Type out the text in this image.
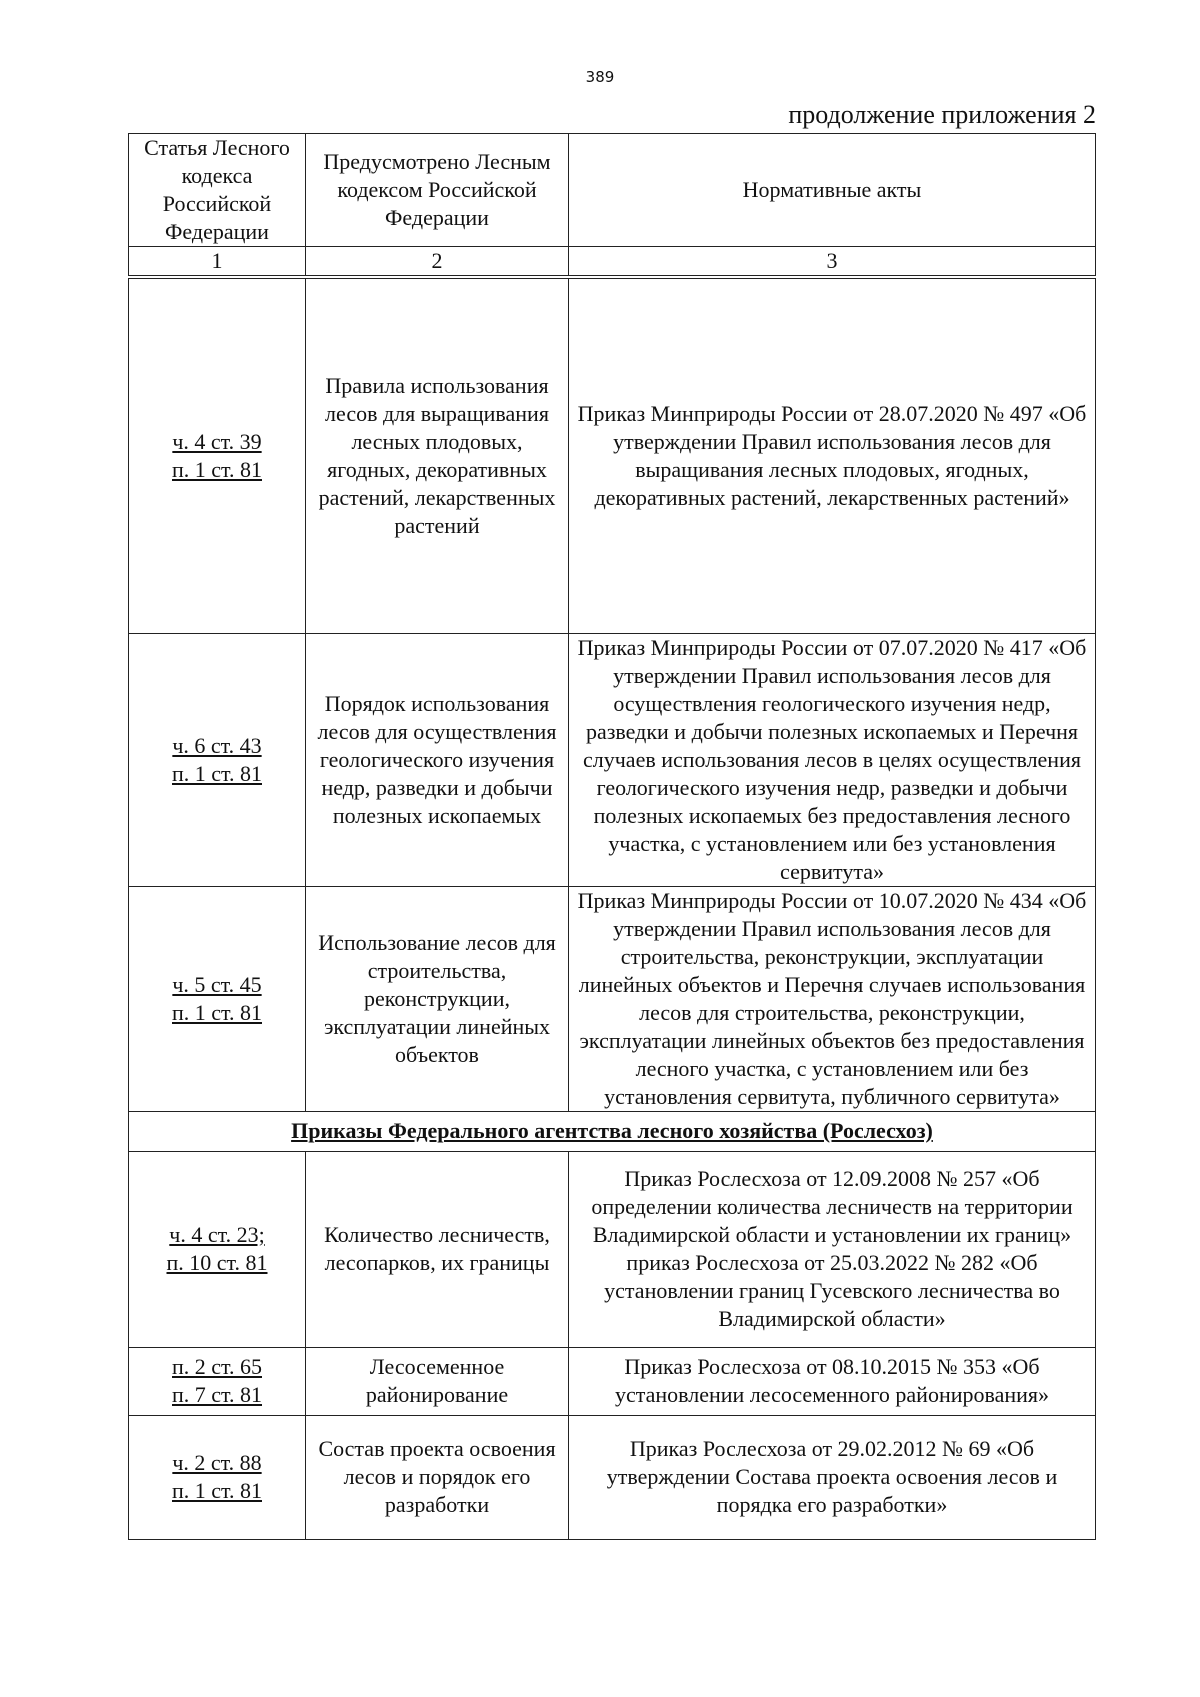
389
продолжение приложения 2
Статья Лесного кодекса Российской Федерации	Предусмотрено Лесным кодексом Российской Федерации	Нормативные акты
1	2	3

ч. 4 ст. 39
п. 1 ст. 81	Правила использования лесов для выращивания лесных плодовых, ягодных, декоративных растений, лекарственных растений	Приказ Минприроды России от 28.07.2020 № 497 «Об утверждении Правил использования лесов для выращивания лесных плодовых, ягодных, декоративных растений, лекарственных растений»

ч. 6 ст. 43
п. 1 ст. 81	Порядок использования лесов для осуществления геологического изучения недр, разведки и добычи полезных ископаемых	Приказ Минприроды России от 07.07.2020 № 417 «Об утверждении Правил использования лесов для осуществления геологического изучения недр, разведки и добычи полезных ископаемых и Перечня случаев использования лесов в целях осуществления геологического изучения недр, разведки и добычи полезных ископаемых без предоставления лесного участка, с установлением или без установления сервитута»

ч. 5 ст. 45
п. 1 ст. 81	Использование лесов для строительства, реконструкции, эксплуатации линейных объектов	Приказ Минприроды России от 10.07.2020 № 434 «Об утверждении Правил использования лесов для строительства, реконструкции, эксплуатации линейных объектов и Перечня случаев использования лесов для строительства, реконструкции, эксплуатации линейных объектов без предоставления лесного участка, с установлением или без установления сервитута, публичного сервитута»
Приказы Федерального агентства лесного хозяйства (Рослесхоз)		

ч. 4 ст. 23;
п. 10 ст. 81	Количество лесничеств, лесопарков, их границы	Приказ Рослесхоза от 12.09.2008 № 257 «Об определении количества лесничеств на территории Владимирской области и установлении их границ» приказ Рослесхоза от 25.03.2022 № 282 «Об установлении границ Гусевского лесничества во Владимирской области»

п. 2 ст. 65
п. 7 ст. 81	Лесосеменное районирование	Приказ Рослесхоза от 08.10.2015 № 353 «Об установлении лесосеменного районирования»

ч. 2 ст. 88
п. 1 ст. 81	Состав проекта освоения лесов и порядок его разработки	Приказ Рослесхоза от 29.02.2012 № 69 «Об утверждении Состава проекта освоения лесов и порядка его разработки»
